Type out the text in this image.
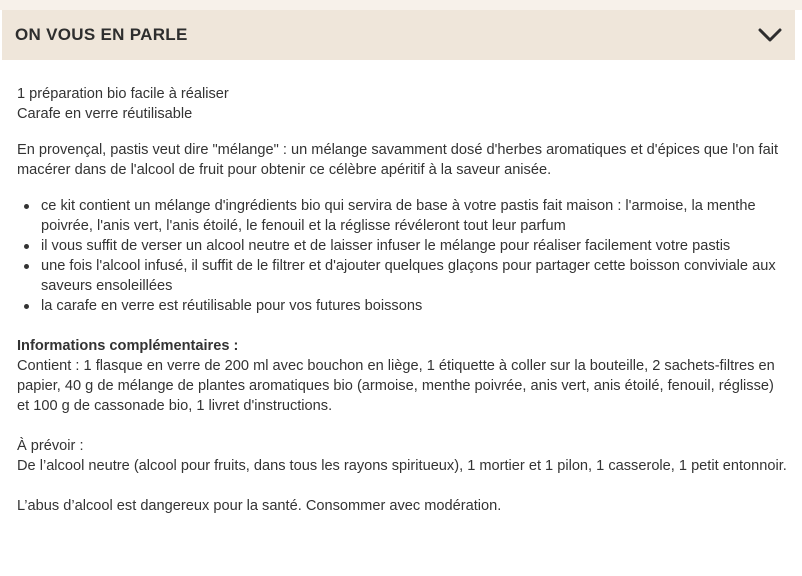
ON VOUS EN PARLE

1 préparation bio facile à réaliser

Carafe en verre réutilisable

En provençal, pastis veut dire "mélange" : un mélange savamment dosé d'herbes aromatiques et d'épices que l'on fait macérer dans de l'alcool de fruit pour obtenir ce célèbre apéritif à la saveur anisée.

ce kit contient un mélange d'ingrédients bio qui servira de base à votre pastis fait maison : l'armoise, la menthe poivrée, l'anis vert, l'anis étoilé, le fenouil et la réglisse révéleront tout leur parfum
il vous suffit de verser un alcool neutre et de laisser infuser le mélange pour réaliser facilement votre pastis
une fois l'alcool infusé, il suffit de le filtrer et d'ajouter quelques glaçons pour partager cette boisson conviviale aux saveurs ensoleillées
la carafe en verre est réutilisable pour vos futures boissons

Informations complémentaires :

Contient : 1 flasque en verre de 200 ml avec bouchon en liège, 1 étiquette à coller sur la bouteille, 2 sachets-filtres en papier, 40 g de mélange de plantes aromatiques bio (armoise, menthe poivrée, anis vert, anis étoilé, fenouil, réglisse) et 100 g de cassonade bio, 1 livret d'instructions.

À prévoir :

De l’alcool neutre (alcool pour fruits, dans tous les rayons spiritueux), 1 mortier et 1 pilon, 1 casserole, 1 petit entonnoir.

L’abus d’alcool est dangereux pour la santé. Consommer avec modération.
